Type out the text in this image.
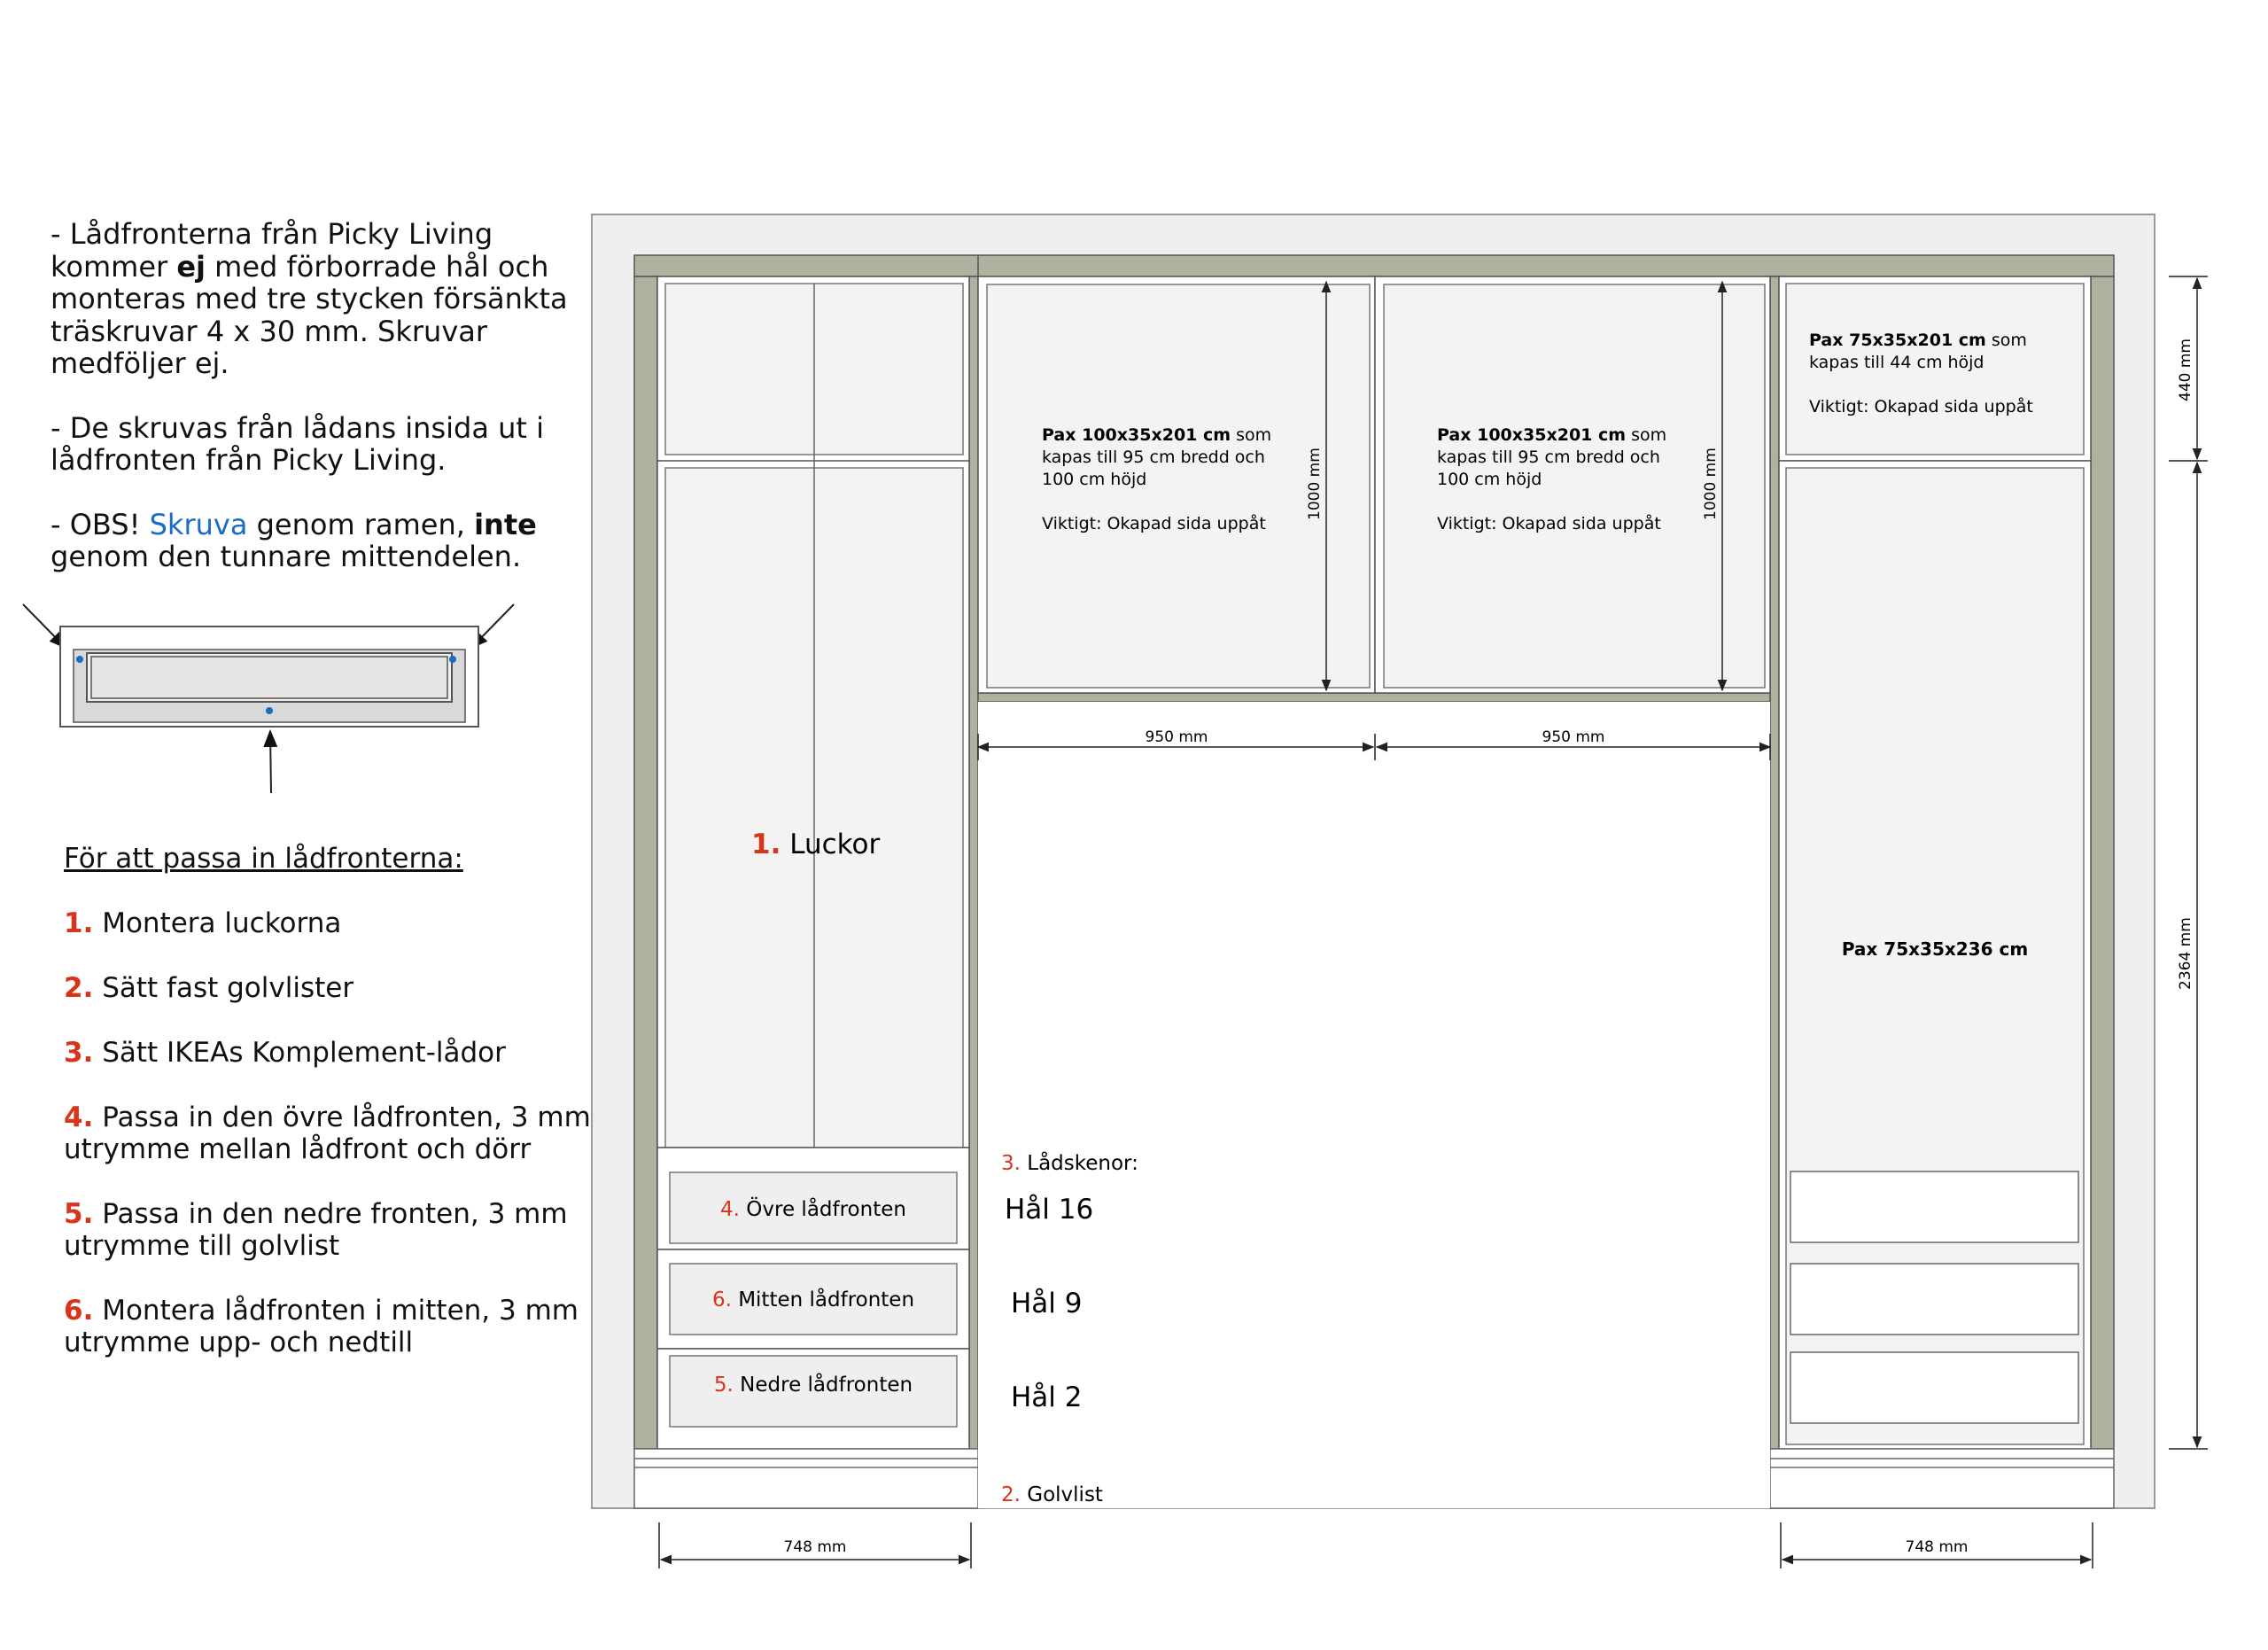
- Lådfronterna från Picky Living kommer ej med förborrade hål och monteras med tre stycken försänkta träskruvar 4 x 30 mm. Skruvar medföljer ej.

- De skruvas från lådans insida ut i lådfronten från Picky Living.

- OBS! Skruva genom ramen, inte genom den tunnare mittendelen.

För att passa in lådfronterna:

1. Montera luckorna

2. Sätt fast golvlister

3. Sätt IKEAs Komplement-lådor

4. Passa in den övre lådfronten, 3 mm utrymme mellan lådfront och dörr

5. Passa in den nedre fronten, 3 mm utrymme till golvlist

6. Montera lådfronten i mitten, 3 mm utrymme upp- och nedtill

1000 mm	1000 mm
950 mm	950 mm
440 mm
2364 mm
748 mm	748 mm
1. Luckor
4. Övre lådfronten
6. Mitten lådfronten
5. Nedre lådfronten
Pax 100x35x201 cm som
kapas till 95 cm bredd och
100 cm höjd
Viktigt: Okapad sida uppåt
Pax 100x35x201 cm som
kapas till 95 cm bredd och
100 cm höjd
Viktigt: Okapad sida uppåt
Pax 75x35x201 cm som
kapas till 44 cm höjd
Viktigt: Okapad sida uppåt
Pax 75x35x236 cm
3. Lådskenor:
Hål 16
Hål 9
Hål 2
2. Golvlist
